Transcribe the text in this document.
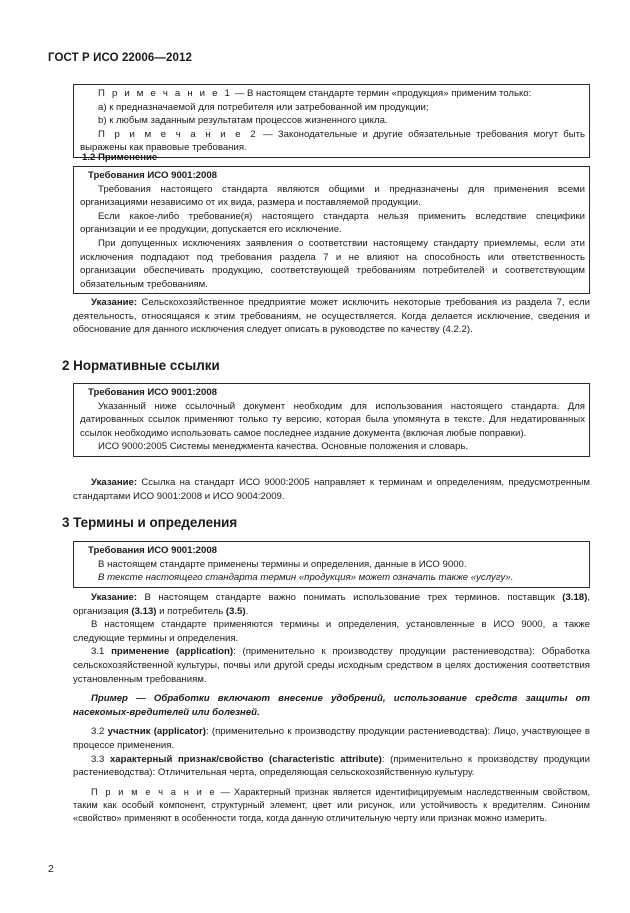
ГОСТ Р ИСО 22006—2012

П р и м е ч а н и е 1 — В настоящем стандарте термин «продукция» применим только:

a) к предназначаемой для потребителя или затребованной им продукции;

b) к любым заданным результатам процессов жизненного цикла.

П р и м е ч а н и е 2 — Законодательные и другие обязательные требования могут быть выражены как правовые требования.

1.2 Применение

Требования ИСО 9001:2008

Требования настоящего стандарта являются общими и предназначены для применения всеми организациями независимо от их вида, размера и поставляемой продукции.

Если какое-либо требование(я) настоящего стандарта нельзя применить вследствие специфики организации и ее продукции, допускается его исключение.

При допущенных исключениях заявления о соответствии настоящему стандарту приемлемы, если эти исключения подпадают под требования раздела 7 и не влияют на способность или ответственность организации обеспечивать продукцию, соответствующей требованиям потребителей и соответствующим обязательным требованиям.

Указание: Сельскохозяйственное предприятие может исключить некоторые требования из раздела 7, если деятельность, относящаяся к этим требованиям, не осуществляется. Когда делается исключение, сведения и обоснование для данного исключения следует описать в руководстве по качеству (4.2.2).

2 Нормативные ссылки

Требования ИСО 9001:2008

Указанный ниже ссылочный документ необходим для использования настоящего стандарта. Для датированных ссылок применяют только ту версию, которая была упомянута в тексте. Для недатированных ссылок необходимо использовать самое последнее издание документа (включая любые поправки).

ИСО 9000:2005 Системы менеджмента качества. Основные положения и словарь.

Указание: Ссылка на стандарт ИСО 9000:2005 направляет к терминам и определениям, предусмотренным стандартами ИСО 9001:2008 и ИСО 9004:2009.

3 Термины и определения

Требования ИСО 9001:2008

В настоящем стандарте применены термины и определения, данные в ИСО 9000.

В тексте настоящего стандарта термин «продукция» может означать также «услугу».

Указание: В настоящем стандарте важно понимать использование трех терминов. поставщик (3.18), организация (3.13) и потребитель (3.5).

В настоящем стандарте применяются термины и определения, установленные в ИСО 9000, а также следующие термины и определения.

3.1 применение (application): (применительно к производству продукции растениеводства): Обработка сельскохозяйственной культуры, почвы или другой среды исходным средством в целях достижения соответствия установленным требованиям.

Пример — Обработки включают внесение удобрений, использование средств защиты от насекомых-вредителей или болезней.

3.2 участник (applicator): (применительно к производству продукции растениеводства): Лицо, участвующее в процессе применения.

3.3 характерный признак/свойство (characteristic attribute): (применительно к производству продукции растениеводства): Отличительная черта, определяющая сельскохозяйственную культуру.

П р и м е ч а н и е — Характерный признак является идентифицируемым наследственным свойством, таким как особый компонент, структурный элемент, цвет или рисунок, или устойчивость к вредителям. Синоним «свойство» применяют в особенности тогда, когда данную отличительную черту или признак можно измерить.

2
